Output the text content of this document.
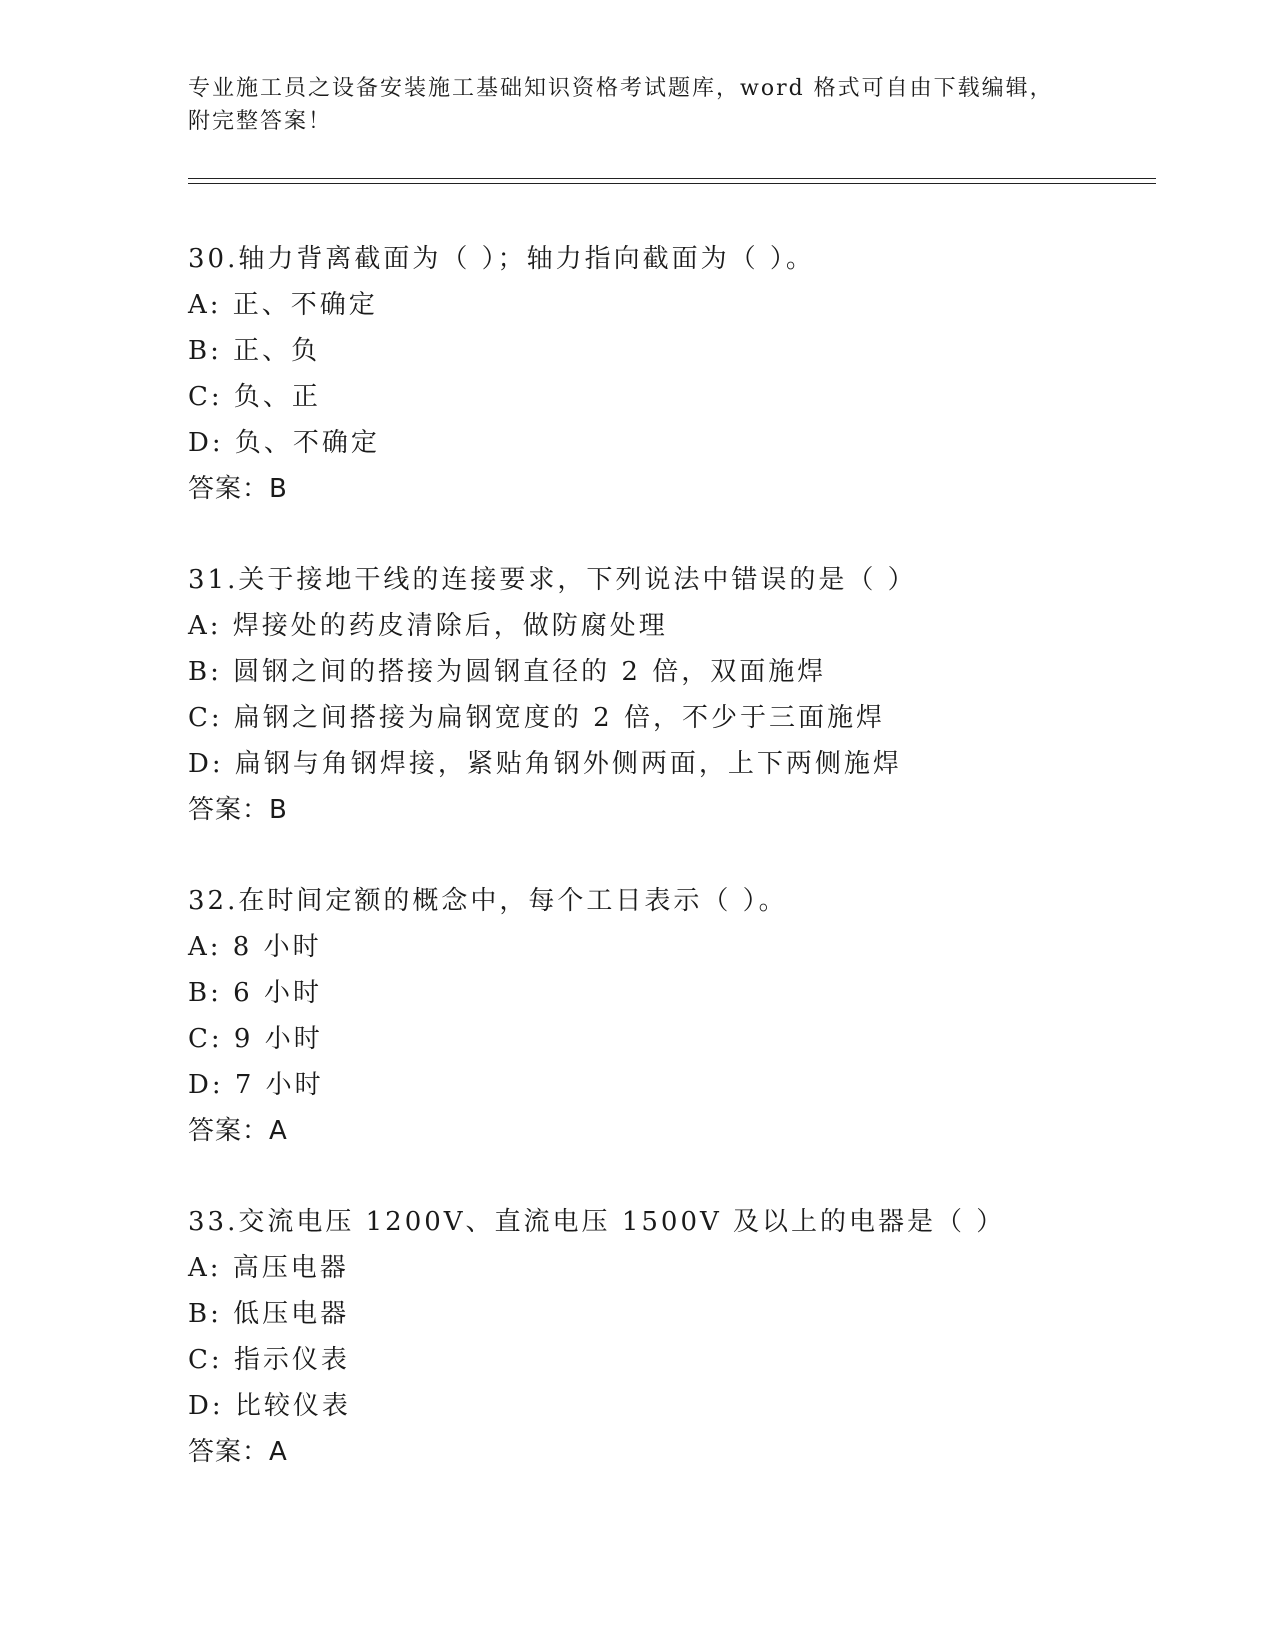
专业施工员之设备安装施工基础知识资格考试题库，word 格式可自由下载编辑，
附完整答案！
30.轴力背离截面为（ ）；轴力指向截面为（ ）。
A: 正、不确定
B: 正、负
C: 负、正
D: 负、不确定
答案：B
31.关于接地干线的连接要求，下列说法中错误的是（ ）
A: 焊接处的药皮清除后，做防腐处理
B: 圆钢之间的搭接为圆钢直径的 2 倍，双面施焊
C: 扁钢之间搭接为扁钢宽度的 2 倍，不少于三面施焊
D: 扁钢与角钢焊接，紧贴角钢外侧两面，上下两侧施焊
答案：B
32.在时间定额的概念中，每个工日表示（ ）。
A: 8 小时
B: 6 小时
C: 9 小时
D: 7 小时
答案：A
33.交流电压 1200V、直流电压 1500V 及以上的电器是（ ）
A: 高压电器
B: 低压电器
C: 指示仪表
D: 比较仪表
答案：A
